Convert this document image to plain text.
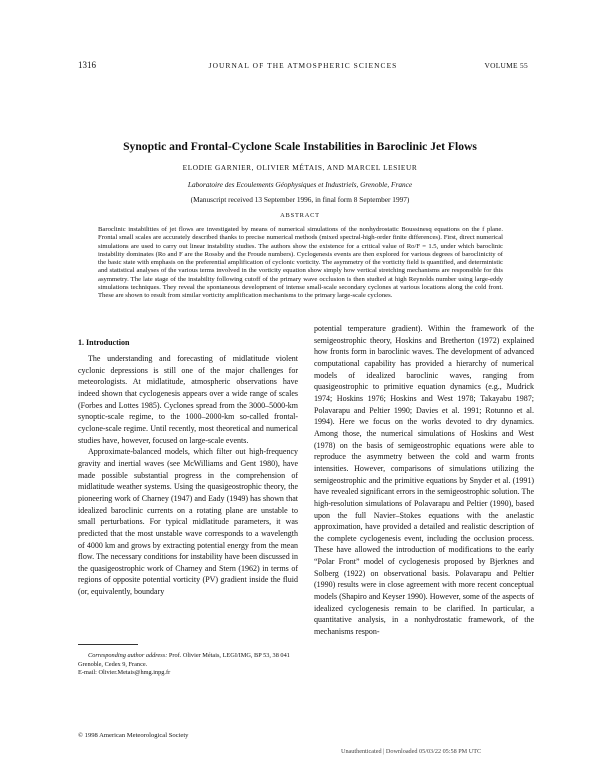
1316	JOURNAL OF THE ATMOSPHERIC SCIENCES	VOLUME 55
Synoptic and Frontal-Cyclone Scale Instabilities in Baroclinic Jet Flows
ELODIE GARNIER, OLIVIER MÉTAIS, AND MARCEL LESIEUR
Laboratoire des Ecoulements Géophysiques et Industriels, Grenoble, France
(Manuscript received 13 September 1996, in final form 8 September 1997)
ABSTRACT
Baroclinic instabilities of jet flows are investigated by means of numerical simulations of the nonhydrostatic Boussinesq equations on the f plane. Frontal small scales are accurately described thanks to precise numerical methods (mixed spectral-high-order finite differences). First, direct numerical simulations are used to carry out linear instability studies. The authors show the existence for a critical value of Ro/F = 1.5, under which baroclinic instability dominates (Ro and F are the Rossby and the Froude numbers). Cyclogenesis events are then explored for various degrees of baroclinicity of the basic state with emphasis on the preferential amplification of cyclonic vorticity. The asymmetry of the vorticity field is quantified, and deterministic and statistical analyses of the various terms involved in the vorticity equation show simply how vertical stretching mechanisms are responsible for this asymmetry. The late stage of the instability following cutoff of the primary wave occlusion is then studied at high Reynolds number using large-eddy simulations techniques. They reveal the spontaneous development of intense small-scale secondary cyclones at various locations along the cold front. These are shown to result from similar vorticity amplification mechanisms to the primary large-scale cyclones.
1. Introduction

The understanding and forecasting of midlatitude violent cyclonic depressions is still one of the major challenges for meteorologists. At midlatitude, atmospheric observations have indeed shown that cyclogenesis appears over a wide range of scales (Forbes and Lottes 1985). Cyclones spread from the 3000–5000-km synoptic-scale regime, to the 1000–2000-km so-called frontal-cyclone-scale regime. Until recently, most theoretical and numerical studies have, however, focused on large-scale events.

Approximate-balanced models, which filter out high-frequency gravity and inertial waves (see McWilliams and Gent 1980), have made possible substantial progress in the comprehension of midlatitude weather systems. Using the quasigeostrophic theory, the pioneering work of Charney (1947) and Eady (1949) has shown that idealized baroclinic currents on a rotating plane are unstable to small perturbations. For typical midlatitude parameters, it was predicted that the most unstable wave corresponds to a wavelength of 4000 km and grows by extracting potential energy from the mean flow. The necessary conditions for instability have been discussed in the quasigeostrophic work of Charney and Stern (1962) in terms of regions of opposite potential vorticity (PV) gradient inside the fluid (or, equivalently, boundary

potential temperature gradient). Within the framework of the semigeostrophic theory, Hoskins and Bretherton (1972) explained how fronts form in baroclinic waves. The development of advanced computational capability has provided a hierarchy of numerical models of idealized baroclinic waves, ranging from quasigeostrophic to primitive equation dynamics (e.g., Mudrick 1974; Hoskins 1976; Hoskins and West 1978; Takayabu 1987; Polavarapu and Peltier 1990; Davies et al. 1991; Rotunno et al. 1994). Here we focus on the works devoted to dry dynamics. Among those, the numerical simulations of Hoskins and West (1978) on the basis of semigeostrophic equations were able to reproduce the asymmetry between the cold and warm fronts intensities. However, comparisons of simulations utilizing the semigeostrophic and the primitive equations by Snyder et al. (1991) have revealed significant errors in the semigeostrophic solution. The high-resolution simulations of Polavarapu and Peltier (1990), based upon the full Navier–Stokes equations with the anelastic approximation, have provided a detailed and realistic description of the complete cyclogenesis event, including the occlusion process. These have allowed the introduction of modifications to the early “Polar Front” model of cyclogenesis proposed by Bjerknes and Solberg (1922) on observational basis. Polavarapu and Peltier (1990) results were in close agreement with more recent conceptual models (Shapiro and Keyser 1990). However, some of the aspects of idealized cyclogenesis remain to be clarified. In particular, a quantitative analysis, in a nonhydrostatic framework, of the mechanisms respon-

Corresponding author address: Prof. Olivier Métais, LEGI/IMG, BP 53, 38 041 Grenoble, Cedex 9, France.
E-mail: Olivier.Metais@hmg.inpg.fr
© 1998 American Meteorological Society
Unauthenticated | Downloaded 05/03/22 05:58 PM UTC
